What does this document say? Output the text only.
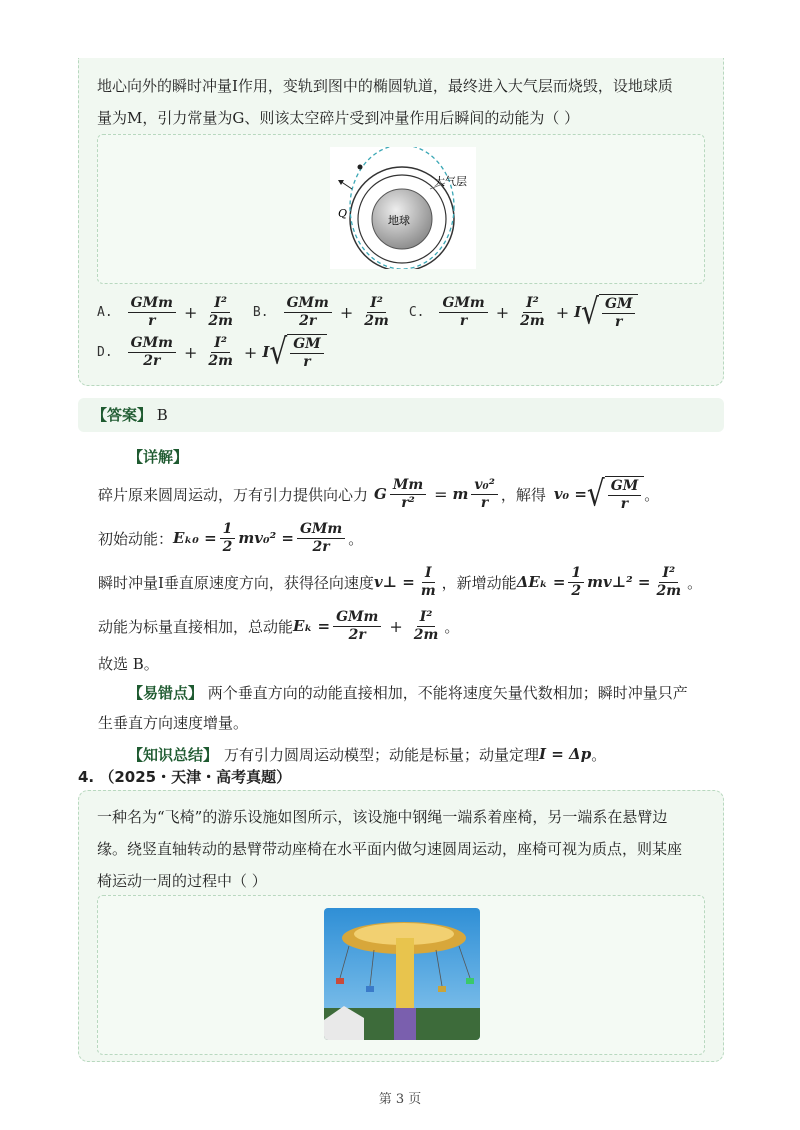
地心向外的瞬时冲量I作用，变轨到图中的椭圆轨道，最终进入大气层而烧毁，设地球质
量为M，引力常量为G、则该太空碎片受到冲量作用后瞬间的动能为（ ）
Q
大气层
地球
A. $\frac{\text{GMm}}{r} + \frac{\text{I²}}{2m} B$. $\frac{\text{GMm}}{2r} + \frac{\text{I²}}{2m} C$. $\frac{\text{GMm}}{r} + \frac{\text{I²}}{2m} + I$ √ $\frac{GM}{r}$
D. $\frac{\text{GMm}}{2r} + \frac{\text{I²}}{2m} + I$ √ $\frac{GM}{r}$
【答案】 B
【详解】
碎片原来圆周运动，万有引力提供向心力 G $\frac{Mm}{\text{r²}} = m \frac{\text{v₀²}}{r}$ ，解得 v₀ = √ $\frac{GM}{r}$ 。
初始动能： $E_{k0} = \frac{1}{2} mv_0^2 = \frac{\text{GMm}}{2r}$ 。
瞬时冲量I垂直原速度方向，获得径向速度 v⊥ = $\frac{I}{m}$ ，新增动能 $\Delta E_k = \frac{1}{2}$ mv⊥² = $\frac{\text{I²}}{2m}$ 。
动能为标量直接相加，总动能 $E_k = \frac{\text{GMm}}{2r} + \frac{\text{I²}}{2m}$ 。
故选 B。
【易错点】 两个垂直方向的动能直接相加，不能将速度矢量代数相加；瞬时冲量只产
生垂直方向速度增量。
【知识总结】 万有引力圆周运动模型；动能是标量；动量定理 I = Δp 。
4. （2025・天津・高考真题）
一种名为“飞椅”的游乐设施如图所示，该设施中钢绳一端系着座椅，另一端系在悬臂边
缘。绕竖直轴转动的悬臂带动座椅在水平面内做匀速圆周运动，座椅可视为质点，则某座
椅运动一周的过程中（ ）
第 3 页
